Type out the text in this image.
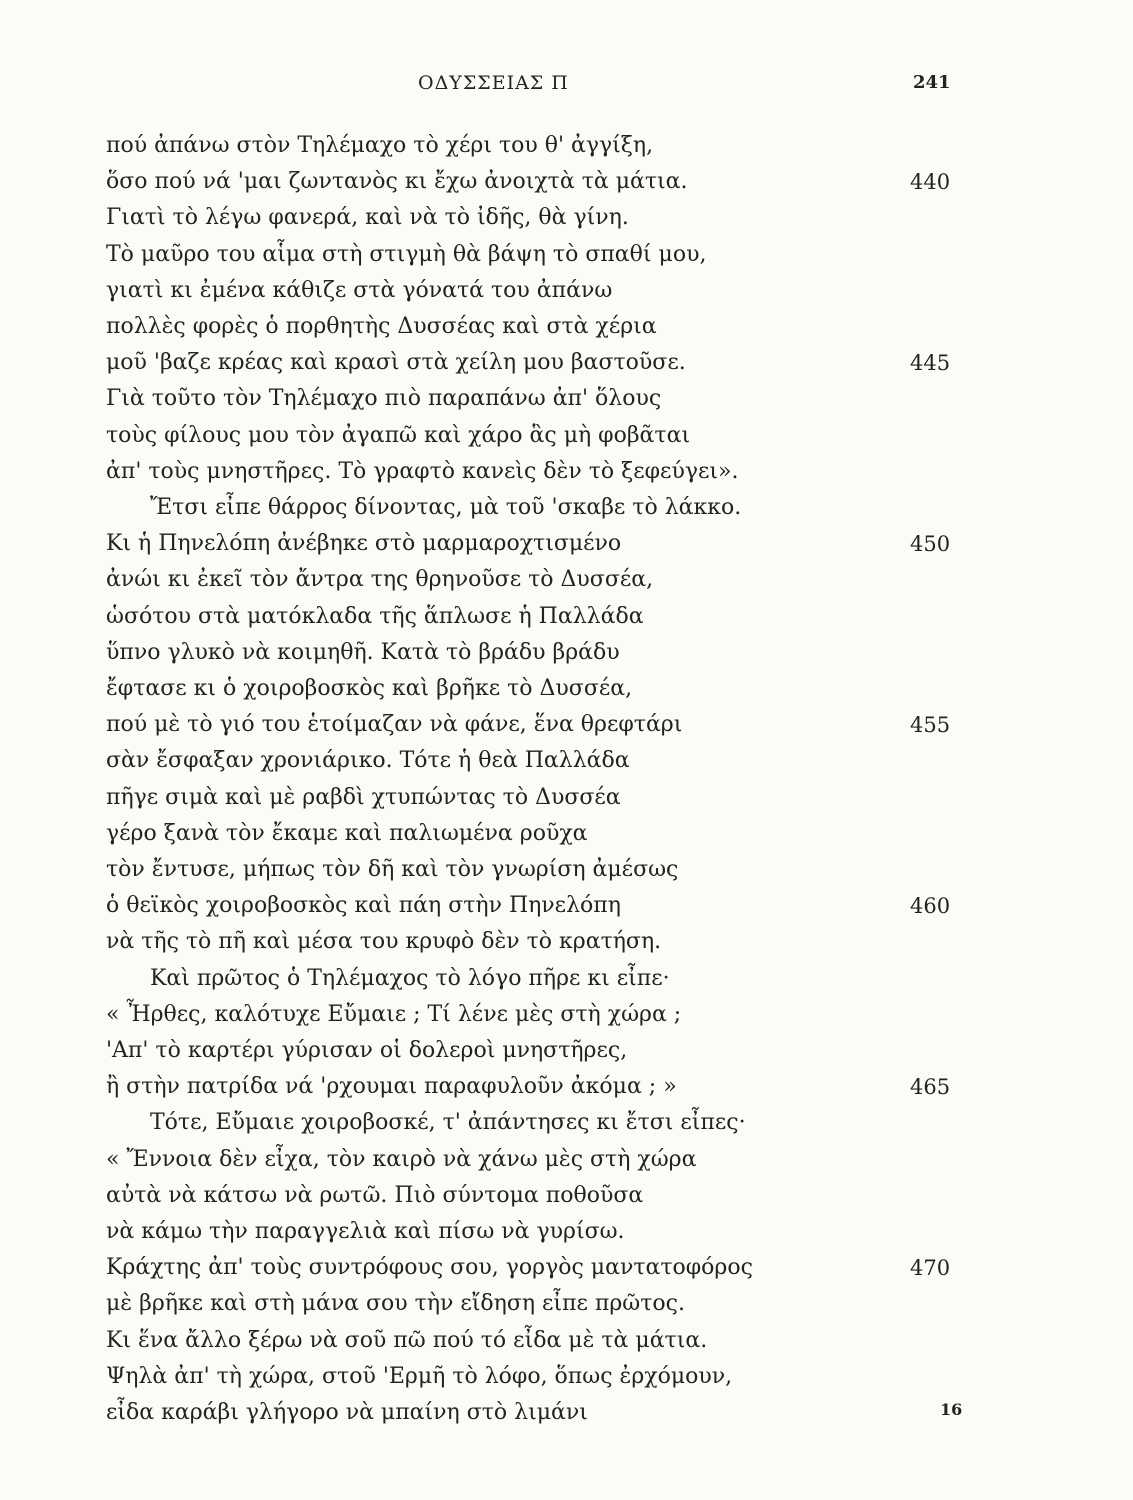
ΟΔΥΣΣΕΙΑΣ Π	241
πού ἀπάνω στὸν Τηλέμαχο τὸ χέρι του θ' ἀγγίξη,
ὅσο πού νά 'μαι ζωντανὸς κι ἔχω ἀνοιχτὰ τὰ μάτια.	440
Γιατὶ τὸ λέγω φανερά, καὶ νὰ τὸ ἰδῆς, θὰ γίνη.
Τὸ μαῦρο του αἷμα στὴ στιγμὴ θὰ βάψη τὸ σπαθί μου,
γιατὶ κι ἐμένα κάθιζε στὰ γόνατά του ἀπάνω
πολλὲς φορὲς ὁ πορθητὴς Δυσσέας καὶ στὰ χέρια
μοῦ 'βαζε κρέας καὶ κρασὶ στὰ χείλη μου βαστοῦσε.	445
Γιὰ τοῦτο τὸν Τηλέμαχο πιὸ παραπάνω ἀπ' ὅλους
τοὺς φίλους μου τὸν ἀγαπῶ καὶ χάρο ἃς μὴ φοβᾶται
ἀπ' τοὺς μνηστῆρες. Τὸ γραφτὸ κανεὶς δὲν τὸ ξεφεύγει».
Ἔτσι εἶπε θάρρος δίνοντας, μὰ τοῦ 'σκαβε τὸ λάκκο.
Κι ἡ Πηνελόπη ἀνέβηκε στὸ μαρμαροχτισμένο	450
ἀνώι κι ἐκεῖ τὸν ἄντρα της θρηνοῦσε τὸ Δυσσέα,
ὡσότου στὰ ματόκλαδα τῆς ἅπλωσε ἡ Παλλάδα
ὕπνο γλυκὸ νὰ κοιμηθῆ. Κατὰ τὸ βράδυ βράδυ
ἔφτασε κι ὁ χοιροβοσκὸς καὶ βρῆκε τὸ Δυσσέα,
πού μὲ τὸ γιό του ἑτοίμαζαν νὰ φάνε, ἕνα θρεφτάρι	455
σὰν ἔσφαξαν χρονιάρικο. Τότε ἡ θεὰ Παλλάδα
πῆγε σιμὰ καὶ μὲ ραβδὶ χτυπώντας τὸ Δυσσέα
γέρο ξανὰ τὸν ἔκαμε καὶ παλιωμένα ροῦχα
τὸν ἔντυσε, μήπως τὸν δῆ καὶ τὸν γνωρίση ἀμέσως
ὁ θεϊκὸς χοιροβοσκὸς καὶ πάη στὴν Πηνελόπη	460
νὰ τῆς τὸ πῆ καὶ μέσα του κρυφὸ δὲν τὸ κρατήση.
Καὶ πρῶτος ὁ Τηλέμαχος τὸ λόγο πῆρε κι εἶπε·
« Ἦρθες, καλότυχε Εὔμαιε ; Τί λένε μὲς στὴ χώρα ;
'Απ' τὸ καρτέρι γύρισαν οἱ δολεροὶ μνηστῆρες,
ἢ στὴν πατρίδα νά 'ρχουμαι παραφυλοῦν ἀκόμα ; »	465
Τότε, Εὔμαιε χοιροβοσκέ, τ' ἀπάντησες κι ἔτσι εἶπες·
« Ἔννοια δὲν εἶχα, τὸν καιρὸ νὰ χάνω μὲς στὴ χώρα
αὐτὰ νὰ κάτσω νὰ ρωτῶ. Πιὸ σύντομα ποθοῦσα
νὰ κάμω τὴν παραγγελιὰ καὶ πίσω νὰ γυρίσω.
Κράχτης ἀπ' τοὺς συντρόφους σου, γοργὸς μαντατοφόρος	470
μὲ βρῆκε καὶ στὴ μάνα σου τὴν εἴδηση εἶπε πρῶτος.
Κι ἕνα ἄλλο ξέρω νὰ σοῦ πῶ πού τό εἶδα μὲ τὰ μάτια.
Ψηλὰ ἀπ' τὴ χώρα, στοῦ 'Ερμῆ τὸ λόφο, ὅπως ἐρχόμουν,
εἶδα καράβι γλήγορο νὰ μπαίνη στὸ λιμάνι	16
